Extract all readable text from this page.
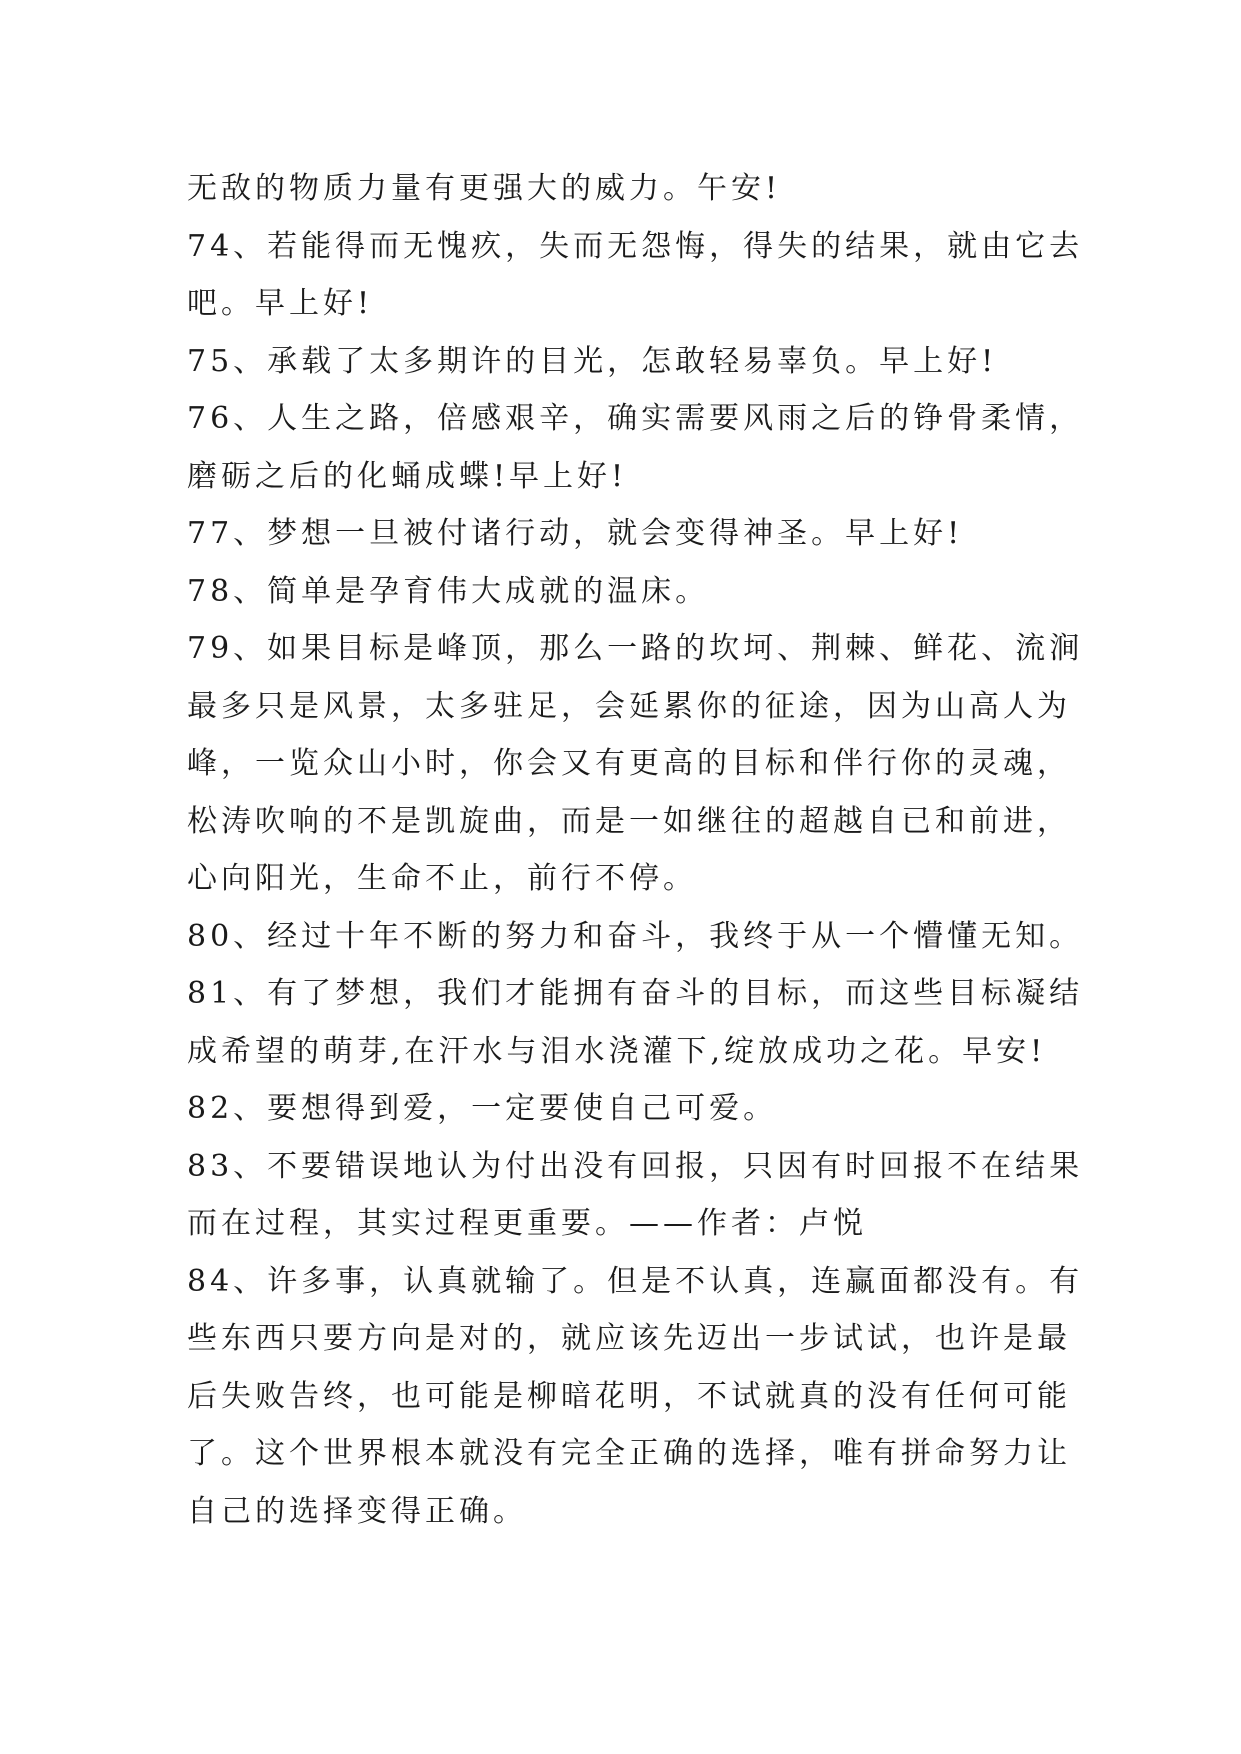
无敌的物质力量有更强大的威力。午安!
74、若能得而无愧疚，失而无怨悔，得失的结果，就由它去
吧。早上好!
75、承载了太多期许的目光，怎敢轻易辜负。早上好!
76、人生之路，倍感艰辛，确实需要风雨之后的铮骨柔情，
磨砺之后的化蛹成蝶!早上好!
77、梦想一旦被付诸行动，就会变得神圣。早上好!
78、简单是孕育伟大成就的温床。
79、如果目标是峰顶，那么一路的坎坷、荆棘、鲜花、流涧
最多只是风景，太多驻足，会延累你的征途，因为山高人为
峰，一览众山小时，你会又有更高的目标和伴行你的灵魂，
松涛吹响的不是凯旋曲，而是一如继往的超越自已和前进，
心向阳光，生命不止，前行不停。
80、经过十年不断的努力和奋斗，我终于从一个懵懂无知。
81、有了梦想，我们才能拥有奋斗的目标，而这些目标凝结
成希望的萌芽,在汗水与泪水浇灌下,绽放成功之花。早安!
82、要想得到爱，一定要使自己可爱。
83、不要错误地认为付出没有回报，只因有时回报不在结果
而在过程，其实过程更重要。——作者：卢悦
84、许多事，认真就输了。但是不认真，连赢面都没有。有
些东西只要方向是对的，就应该先迈出一步试试，也许是最
后失败告终，也可能是柳暗花明，不试就真的没有任何可能
了。这个世界根本就没有完全正确的选择，唯有拼命努力让
自己的选择变得正确。
